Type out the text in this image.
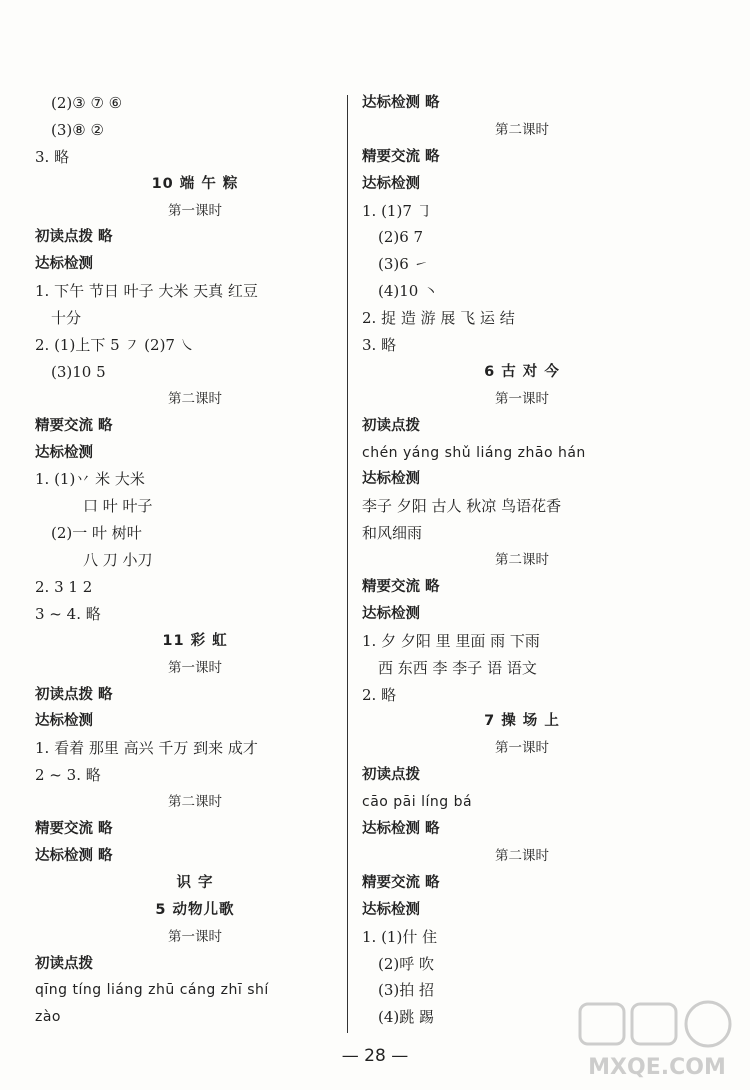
(2)③ ⑦ ⑥
(3)⑧ ②
3. 略
10 端 午 粽
第一课时
初读点拨 略
达标检测
1. 下午 节日 叶子 大米 天真 红豆
十分
2. (1)上下 5 ㇇ (2)7 ㇏
(3)10 5
第二课时
精要交流 略
达标检测
1. (1)丷 米 大米
口 叶 叶子
(2)一 叶 树叶
八 刀 小刀
2. 3 1 2
3 ~ 4. 略
11 彩 虹
第一课时
初读点拨 略
达标检测
1. 看着 那里 高兴 千万 到来 成才
2 ~ 3. 略
第二课时
精要交流 略
达标检测 略
识 字
5 动物儿歌
第一课时
初读点拨
qīng tíng liáng zhū cáng zhī shí
zào
达标检测 略
第二课时
精要交流 略
达标检测
1. (1)7 ㇆
(2)6 7
(3)6 ㇀
(4)10 ㇔
2. 捉 造 游 展 飞 运 结
3. 略
6 古 对 今
第一课时
初读点拨
chén yáng shǔ liáng zhāo hán
达标检测
李子 夕阳 古人 秋凉 鸟语花香
和风细雨
第二课时
精要交流 略
达标检测
1. 夕 夕阳 里 里面 雨 下雨
西 东西 李 李子 语 语文
2. 略
7 操 场 上
第一课时
初读点拨
cāo pāi líng bá
达标检测 略
第二课时
精要交流 略
达标检测
1. (1)什 住
(2)呼 吹
(3)拍 招
(4)跳 踢
— 28 —	MXQE.COM
